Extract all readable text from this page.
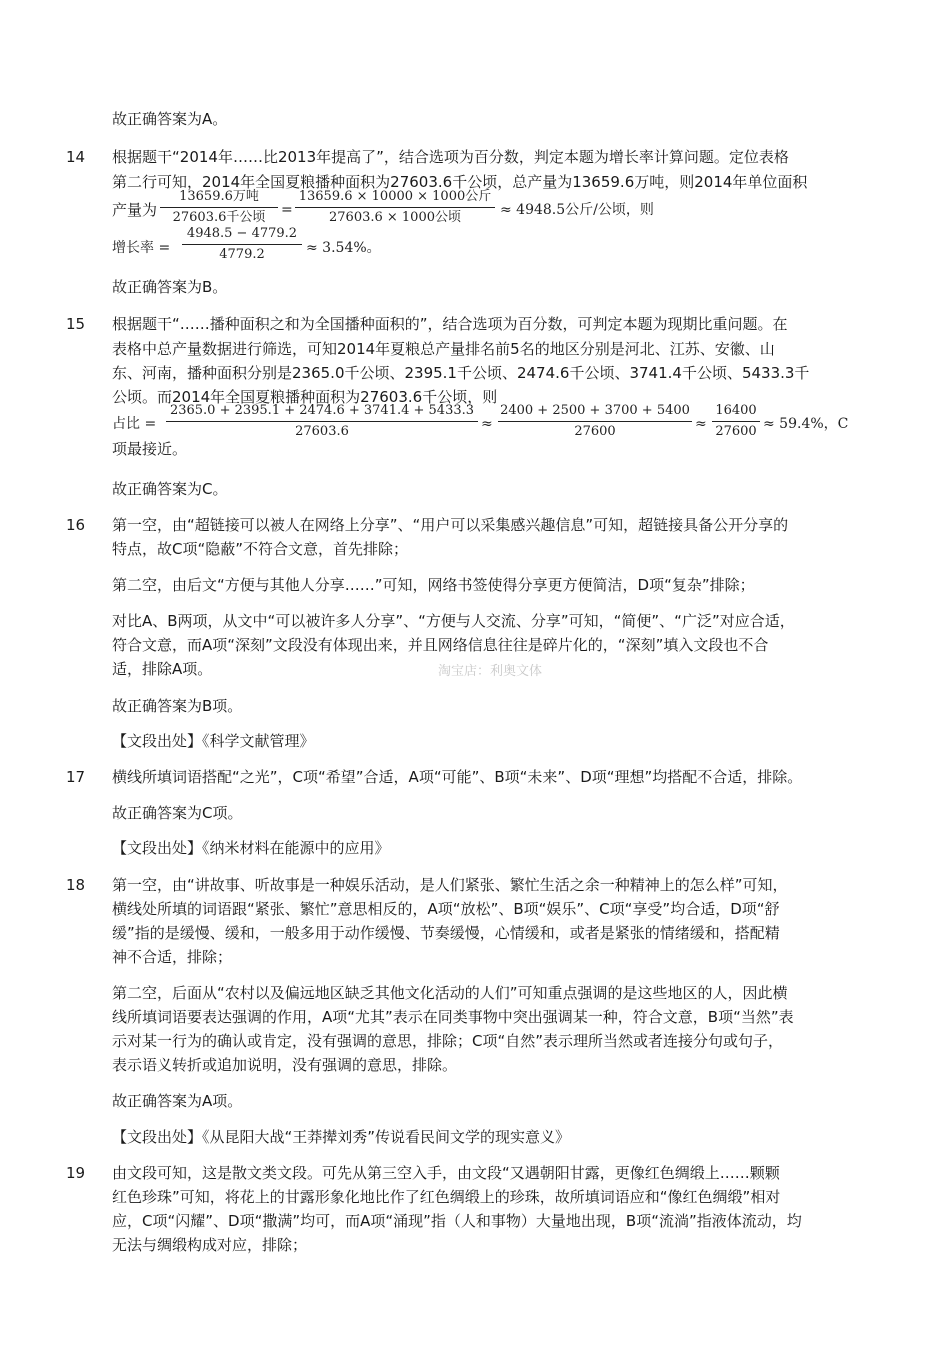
故正确答案为A。
14 根据题干“2014年……比2013年提高了”，结合选项为百分数，判定本题为增长率计算问题。定位表格
第二行可知，2014年全国夏粮播种面积为27603.6千公顷，总产量为13659.6万吨，则2014年单位面积
产量为
13659.6万吨
27603.6千公顷	=
13659.6 × 10000 × 1000公斤
27603.6 × 1000公顷	≈ 4948.5公斤/公顷，则
增长率 =
4948.5 − 4779.2
4779.2	≈ 3.54%。
故正确答案为B。
15 根据题干“……播种面积之和为全国播种面积的”，结合选项为百分数，可判定本题为现期比重问题。在
表格中总产量数据进行筛选，可知2014年夏粮总产量排名前5名的地区分别是河北、江苏、安徽、山
东、河南，播种面积分别是2365.0千公顷、2395.1千公顷、2474.6千公顷、3741.4千公顷、5433.3千
公顷。而2014年全国夏粮播种面积为27603.6千公顷，则
占比 =
2365.0 + 2395.1 + 2474.6 + 3741.4 + 5433.3
27603.6	≈
2400 + 2500 + 3700 + 5400
27600	≈
16400
27600 ≈ 59.4%，C
项最接近。
故正确答案为C。
16 第一空，由“超链接可以被人在网络上分享”、“用户可以采集感兴趣信息”可知，超链接具备公开分享的
特点，故C项“隐蔽”不符合文意，首先排除；
第二空，由后文“方便与其他人分享……”可知，网络书签使得分享更方便简洁，D项“复杂”排除；
对比A、B两项，从文中“可以被许多人分享”、“方便与人交流、分享”可知，“简便”、“广泛”对应合适，
符合文意，而A项“深刻”文段没有体现出来，并且网络信息往往是碎片化的，“深刻”填入文段也不合
适，排除A项。	淘宝店：利奥文体
故正确答案为B项。
【文段出处】《科学文献管理》
17 横线所填词语搭配“之光”，C项“希望”合适，A项“可能”、B项“未来”、D项“理想”均搭配不合适，排除。
故正确答案为C项。
【文段出处】《纳米材料在能源中的应用》
18 第一空，由“讲故事、听故事是一种娱乐活动，是人们紧张、繁忙生活之余一种精神上的怎么样”可知，
横线处所填的词语跟“紧张、繁忙”意思相反的，A项“放松”、B项“娱乐”、C项“享受”均合适，D项“舒
缓”指的是缓慢、缓和，一般多用于动作缓慢、节奏缓慢，心情缓和，或者是紧张的情绪缓和，搭配精
神不合适，排除；
第二空，后面从“农村以及偏远地区缺乏其他文化活动的人们”可知重点强调的是这些地区的人，因此横
线所填词语要表达强调的作用，A项“尤其”表示在同类事物中突出强调某一种，符合文意，B项“当然”表
示对某一行为的确认或肯定，没有强调的意思，排除；C项“自然”表示理所当然或者连接分句或句子，
表示语义转折或追加说明，没有强调的意思，排除。
故正确答案为A项。
【文段出处】《从昆阳大战“王莽撵刘秀”传说看民间文学的现实意义》
19 由文段可知，这是散文类文段。可先从第三空入手，由文段“又遇朝阳甘露，更像红色绸缎上……颗颗
红色珍珠”可知，将花上的甘露形象化地比作了红色绸缎上的珍珠，故所填词语应和“像红色绸缎”相对
应，C项“闪耀”、D项“撒满”均可，而A项“涌现”指（人和事物）大量地出现，B项“流淌”指液体流动，均
无法与绸缎构成对应，排除；
